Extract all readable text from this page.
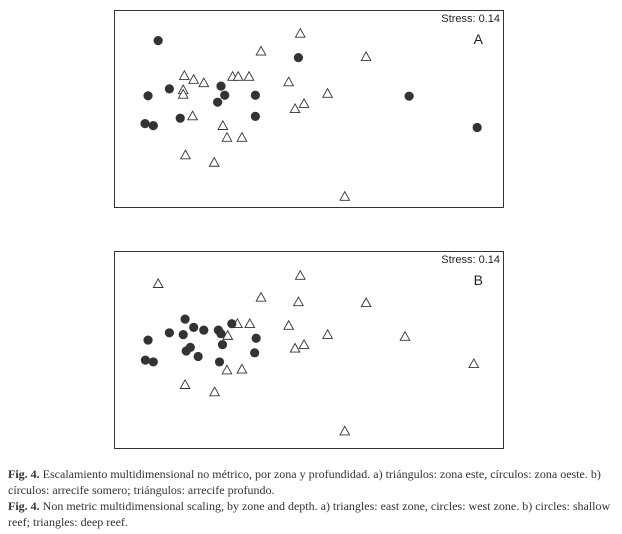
Stress: 0.14
A
Stress: 0.14
B

Fig. 4. Escalamiento multidimensional no métrico, por zona y profundidad. a) triángulos: zona este, círculos: zona oeste. b) círculos: arrecife somero; triángulos: arrecife profundo.

Fig. 4. Non metric multidimensional scaling, by zone and depth. a) triangles: east zone, circles: west zone. b) circles: shallow reef; triangles: deep reef.
